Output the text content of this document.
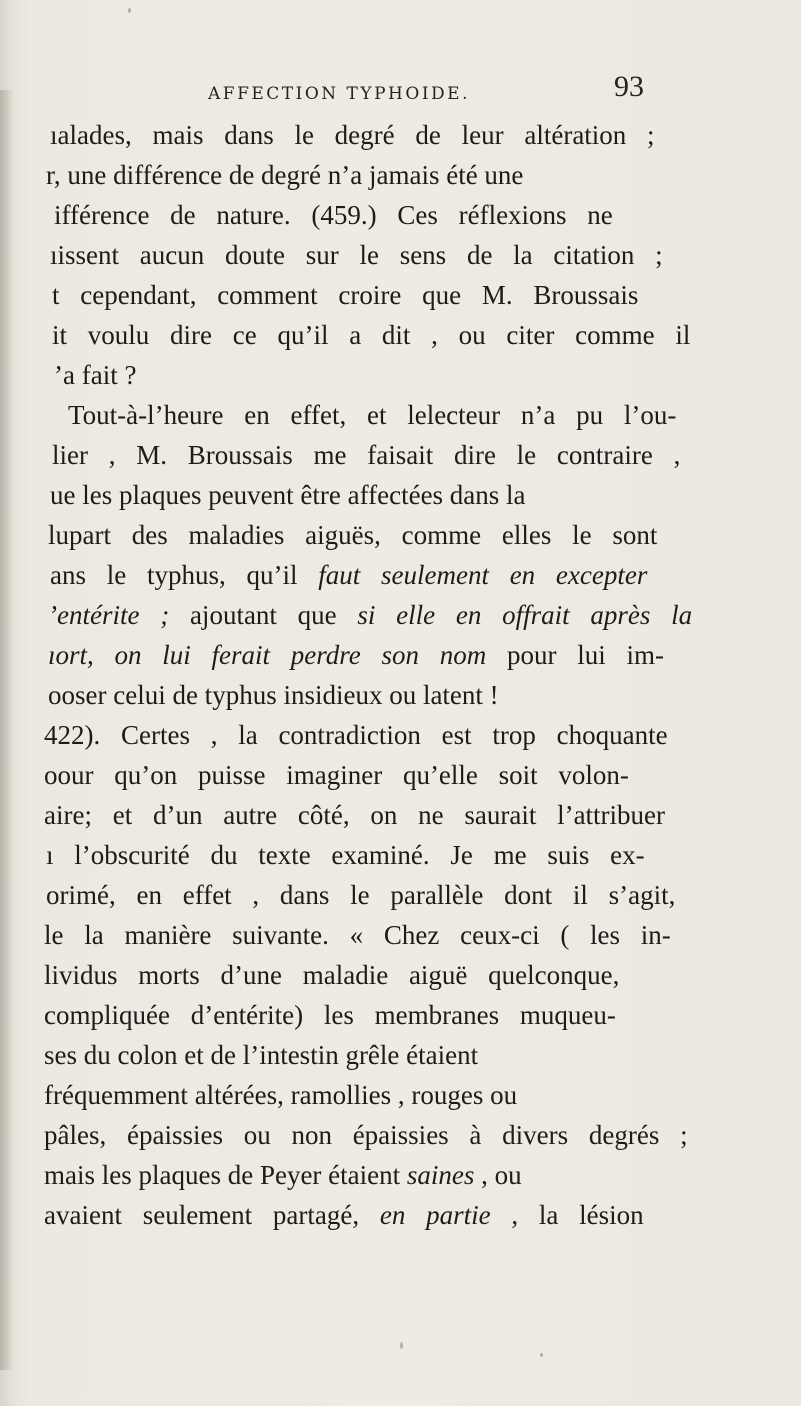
AFFECTION TYPHOIDE.	93
ıalades, mais dans le degré de leur altération ;
r, une différence de degré n’a jamais été une
ifférence de nature. (459.) Ces réflexions ne
ıissent aucun doute sur le sens de la citation ;
t cependant, comment croire que M. Broussais
it voulu dire ce qu’il a dit , ou citer comme il
’a fait ?
Tout-à-l’heure en effet, et lelecteur n’a pu l’ou-
lier , M. Broussais me faisait dire le contraire ,
ue les plaques peuvent être affectées dans la
lupart des maladies aiguës, comme elles le sont
ans le typhus, qu’il faut seulement en excepter
’entérite ; ajoutant que si elle en offrait après la
ıort, on lui ferait perdre son nom pour lui im-
ooser celui de typhus insidieux ou latent !
422). Certes , la contradiction est trop choquante
oour qu’on puisse imaginer qu’elle soit volon-
aire; et d’un autre côté, on ne saurait l’attribuer
ı l’obscurité du texte examiné. Je me suis ex-
orimé, en effet , dans le parallèle dont il s’agit,
le la manière suivante. « Chez ceux-ci ( les in-
lividus morts d’une maladie aiguë quelconque,
compliquée d’entérite) les membranes muqueu-
ses du colon et de l’intestin grêle étaient
fréquemment altérées, ramollies , rouges ou
pâles, épaissies ou non épaissies à divers degrés ;
mais les plaques de Peyer étaient saines , ou
avaient seulement partagé, en partie , la lésion
